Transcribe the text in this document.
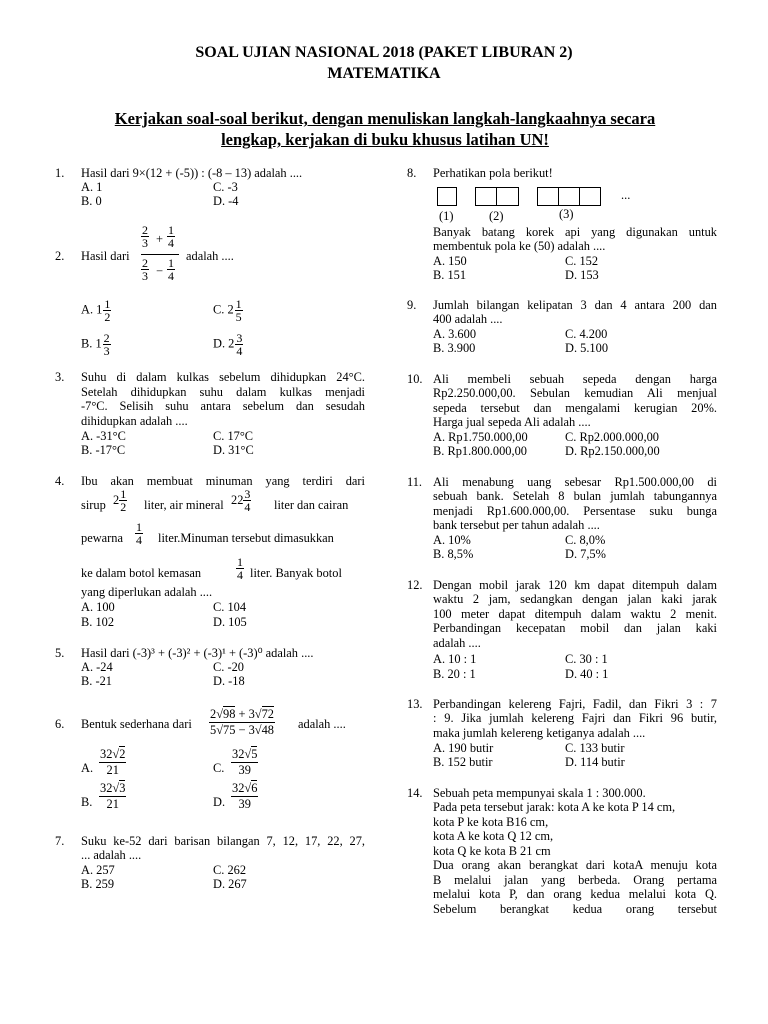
SOAL UJIAN NASIONAL 2018 (PAKET LIBURAN 2)
MATEMATIKA
Kerjakan soal-soal berikut, dengan menuliskan langkah-langkaahnya secara
lengkap, kerjakan di buku khusus latihan UN!
1. Hasil dari 9×(12 + (-5)) : (-8 – 13) adalah ....
A. 1	C. -3
B. 0	D. -4
2. Hasil dari
$\frac{2}{3} + \frac{1}{4}$
$\frac{2}{3} - \frac{1}{4}$
adalah ....
A. $1 \frac{1}{2}$	C. $2 \frac{1}{5}$
B. $1 \frac{2}{3}$	D. $2 \frac{3}{4}$
3. Suhu di dalam kulkas sebelum dihidupkan 24°C.
Setelah dihidupkan suhu dalam kulkas menjadi
-7°C. Selisih suhu antara sebelum dan sesudah
dihidupkan adalah ....
A. -31°C	C. 17°C
B. -17°C	D. 31°C
4. Ibu akan membuat minuman yang terdiri dari
sirup $2 \frac{1}{2}$ liter, air mineral $22 \frac{3}{4}$ liter dan cairan
pewarna $\frac{1}{4}$ liter.Minuman tersebut dimasukkan
ke dalam botol kemasan	$\frac{1}{4}$ liter. Banyak botol
yang diperlukan adalah ....
A. 100	C. 104
B. 102	D. 105
5. Hasil dari (-3)³ + (-3)² + (-3)¹ + (-3)⁰ adalah ....
A. -24	C. -20
B. -21	D. -18
6. Bentuk sederhana dari $\frac{2√98 + 3√72}{5√75 - 3√48}$ adalah ....
A. $\frac{32√2}{21}$	C. $\frac{32√5}{39}$
B. $\frac{32√3}{21}$	D. $\frac{32√6}{39}$
7. Suku ke-52 dari barisan bilangan 7, 12, 17, 22, 27,
... adalah ....
A. 257	C. 262
B. 259	D. 267
8. Perhatikan pola berikut!
...
(1)	(2)	(3)
Banyak batang korek api yang digunakan untuk
membentuk pola ke (50) adalah ....
A. 150	C. 152
B. 151	D. 153
9. Jumlah bilangan kelipatan 3 dan 4 antara 200 dan
400 adalah ....
A. 3.600	C. 4.200
B. 3.900	D. 5.100
10. Ali membeli sebuah sepeda dengan harga
Rp2.250.000,00. Sebulan kemudian Ali menjual
sepeda tersebut dan mengalami kerugian 20%.
Harga jual sepeda Ali adalah ....
A. Rp1.750.000,00	C. Rp2.000.000,00
B. Rp1.800.000,00	D. Rp2.150.000,00
11. Ali menabung uang sebesar Rp1.500.000,00 di
sebuah bank. Setelah 8 bulan jumlah tabungannya
menjadi Rp1.600.000,00. Persentase suku bunga
bank tersebut per tahun adalah ....
A. 10%	C. 8,0%
B. 8,5%	D. 7,5%
12. Dengan mobil jarak 120 km dapat ditempuh dalam
waktu 2 jam, sedangkan dengan jalan kaki jarak
100 meter dapat ditempuh dalam waktu 2 menit.
Perbandingan kecepatan mobil dan jalan kaki
adalah ....
A. 10 : 1	C. 30 : 1
B. 20 : 1	D. 40 : 1
13. Perbandingan kelereng Fajri, Fadil, dan Fikri 3 : 7
: 9. Jika jumlah kelereng Fajri dan Fikri 96 butir,
maka jumlah kelereng ketiganya adalah ....
A. 190 butir	C. 133 butir
B. 152 butir	D. 114 butir
14. Sebuah peta mempunyai skala 1 : 300.000.
Pada peta tersebut jarak: kota A ke kota P 14 cm,
kota P ke kota B16 cm,
kota A ke kota Q 12 cm,
kota Q ke kota B 21 cm
Dua orang akan berangkat dari kotaA menuju kota
B melalui jalan yang berbeda. Orang pertama
melalui kota P, dan orang kedua melalui kota Q.
Sebelum berangkat kedua orang tersebut
